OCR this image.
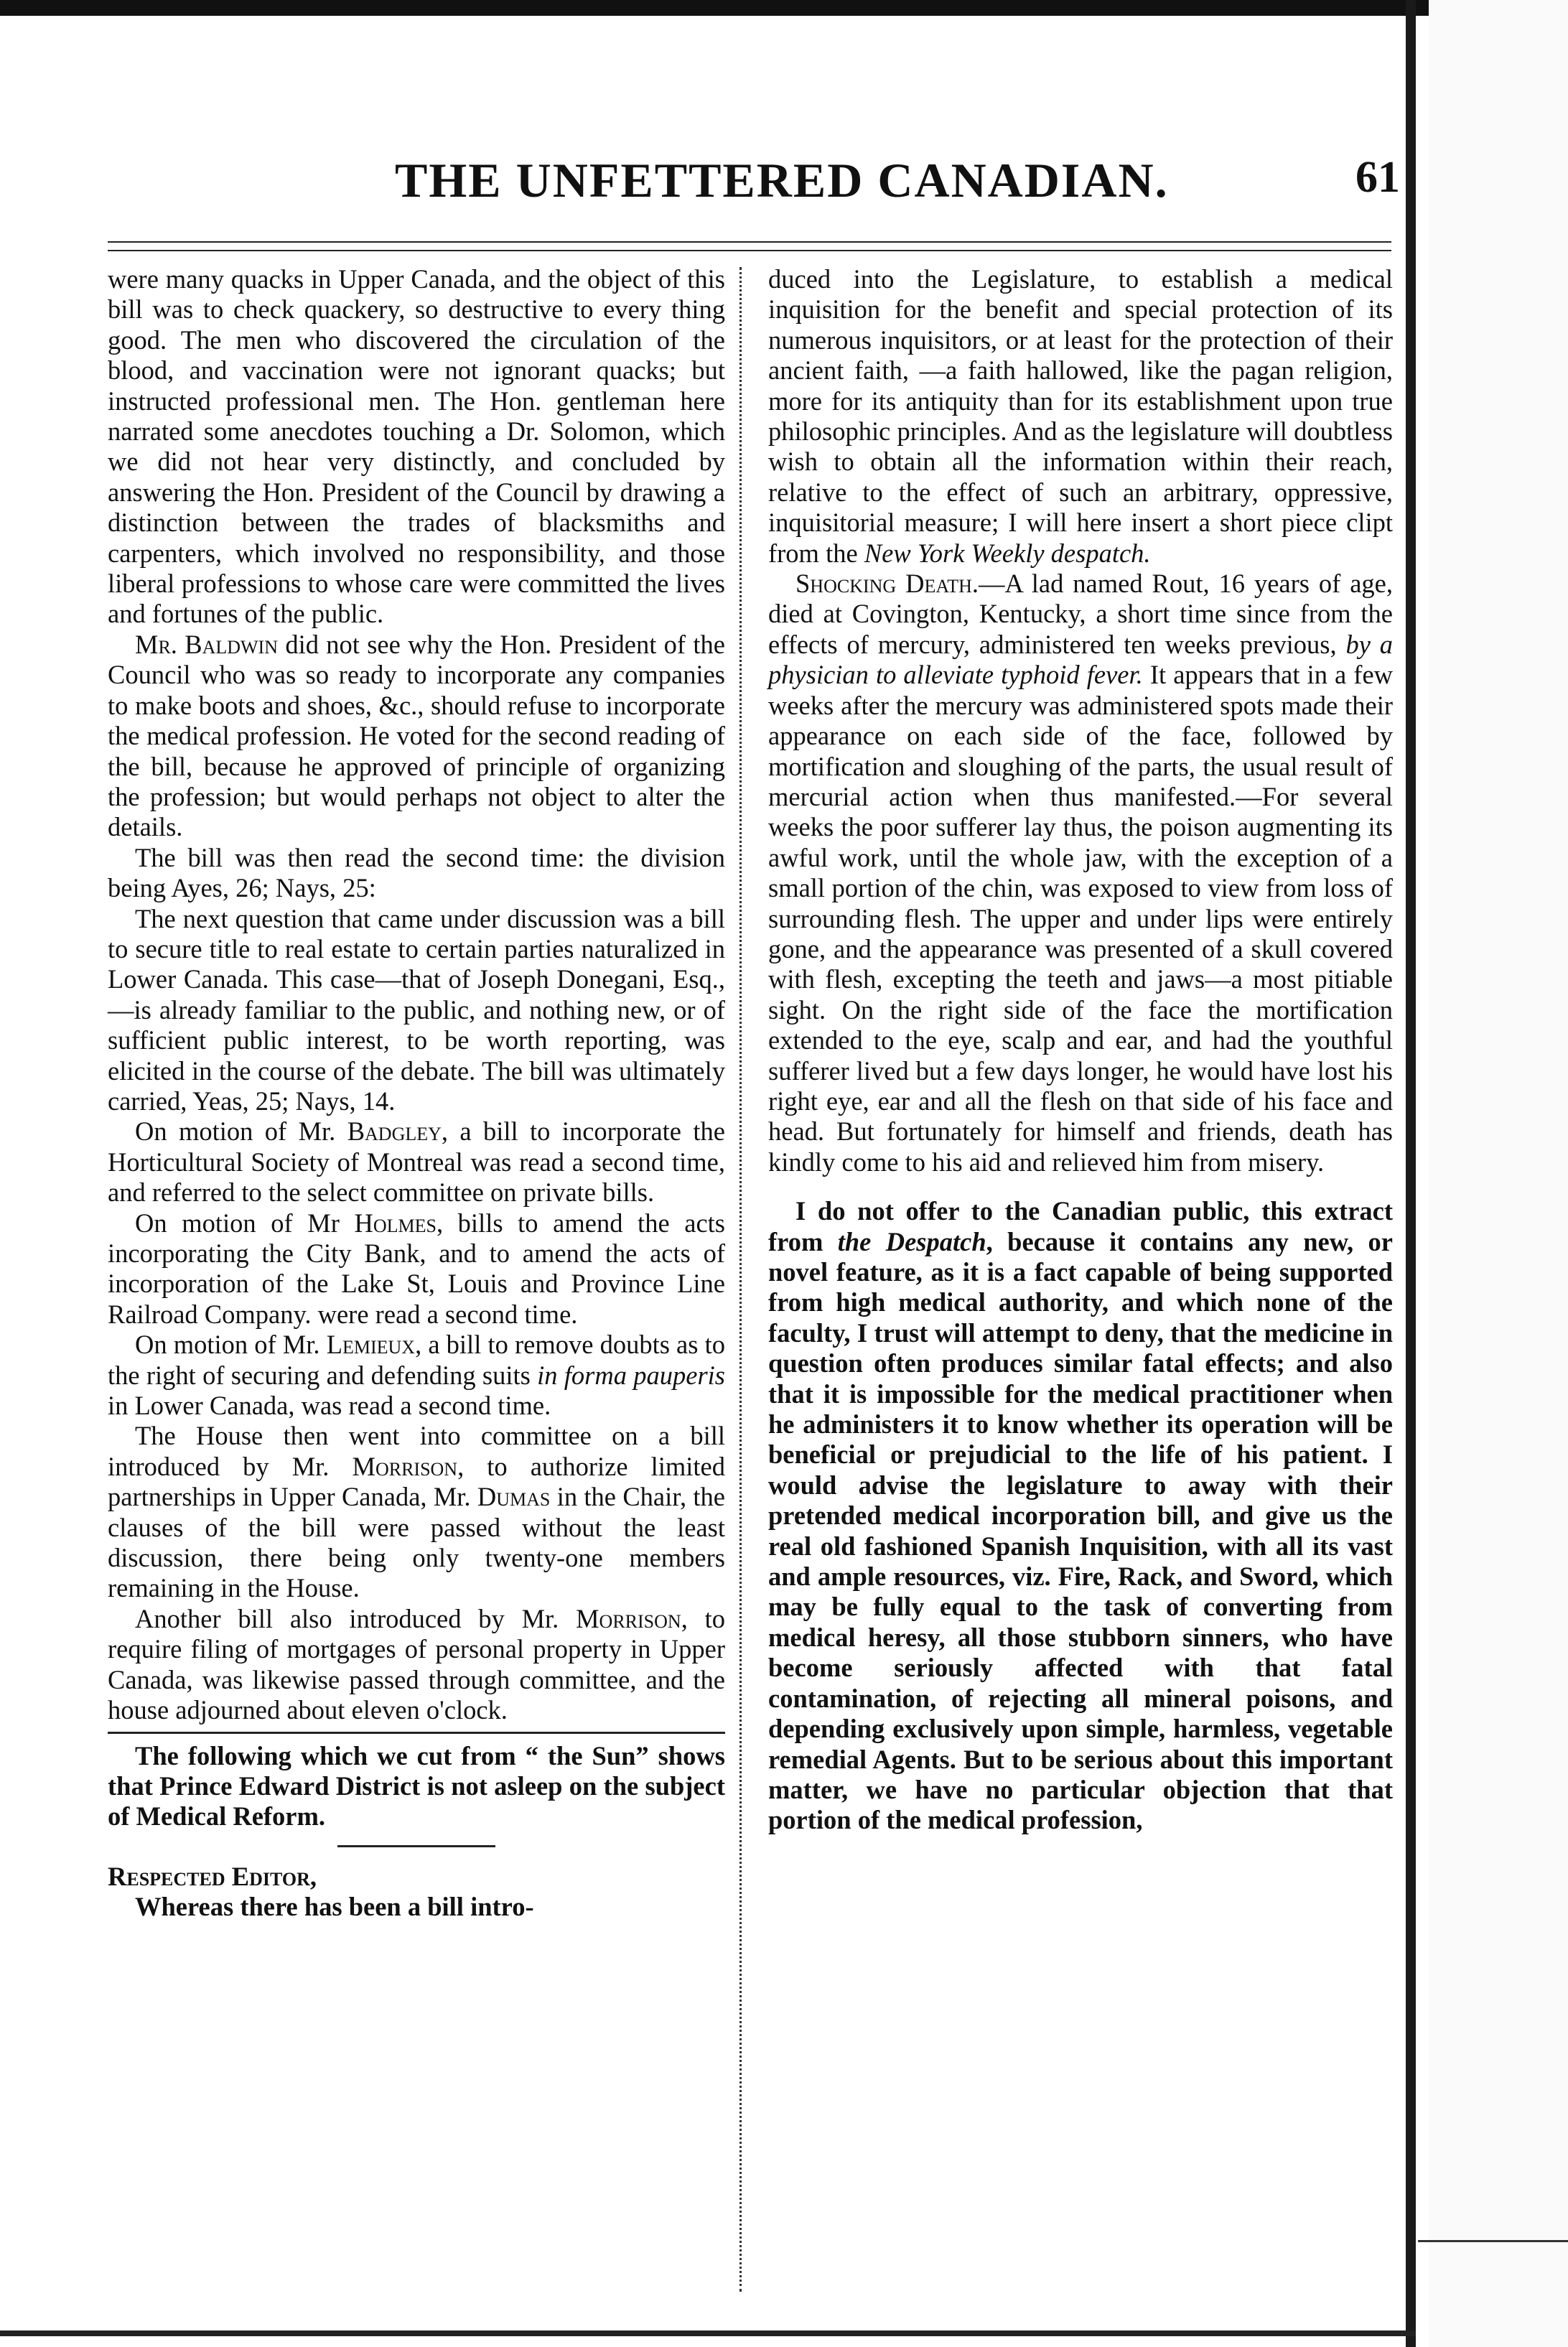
THE UNFETTERED CANADIAN.	61

were many quacks in Upper Canada, and the object of this bill was to check quackery, so destructive to every thing good. The men who discovered the circulation of the blood, and vaccination were not ignorant quacks; but instructed professional men. The Hon. gentleman here narrated some anecdotes touching a Dr. Solomon, which we did not hear very distinctly, and concluded by answering the Hon. President of the Council by drawing a distinction between the trades of blacksmiths and carpenters, which involved no responsibility, and those liberal professions to whose care were committed the lives and fortunes of the public.

Mr. Baldwin did not see why the Hon. President of the Council who was so ready to incorporate any companies to make boots and shoes, &c., should refuse to incorporate the medical profession. He voted for the second reading of the bill, because he approved of principle of organizing the profession; but would perhaps not object to alter the details.

The bill was then read the second time: the division being Ayes, 26; Nays, 25:

The next question that came under discussion was a bill to secure title to real estate to certain parties naturalized in Lower Canada. This case—that of Joseph Donegani, Esq.,—is already familiar to the public, and nothing new, or of sufficient public interest, to be worth reporting, was elicited in the course of the debate. The bill was ultimately carried, Yeas, 25; Nays, 14.

On motion of Mr. Badgley, a bill to incorporate the Horticultural Society of Montreal was read a second time, and referred to the select committee on private bills.

On motion of Mr Holmes, bills to amend the acts incorporating the City Bank, and to amend the acts of incorporation of the Lake St, Louis and Province Line Railroad Company. were read a second time.

On motion of Mr. Lemieux, a bill to remove doubts as to the right of securing and defending suits in forma pauperis in Lower Canada, was read a second time.

The House then went into committee on a bill introduced by Mr. Morrison, to authorize limited partnerships in Upper Canada, Mr. Dumas in the Chair, the clauses of the bill were passed without the least discussion, there being only twenty-one members remaining in the House.

Another bill also introduced by Mr. Morrison, to require filing of mortgages of personal property in Upper Canada, was likewise passed through committee, and the house adjourned about eleven o'clock.

The following which we cut from “ the Sun” shows that Prince Edward District is not asleep on the subject of Medical Reform.

Respected Editor,

Whereas there has been a bill intro-

duced into the Legislature, to establish a medical inquisition for the benefit and special protection of its numerous inquisitors, or at least for the protection of their ancient faith, —a faith hallowed, like the pagan religion, more for its antiquity than for its establishment upon true philosophic principles. And as the legislature will doubtless wish to obtain all the information within their reach, relative to the effect of such an arbitrary, oppressive, inquisitorial measure; I will here insert a short piece clipt from the New York Weekly despatch.

Shocking Death.—A lad named Rout, 16 years of age, died at Covington, Kentucky, a short time since from the effects of mercury, administered ten weeks previous, by a physician to alleviate typhoid fever. It appears that in a few weeks after the mercury was administered spots made their appearance on each side of the face, followed by mortification and sloughing of the parts, the usual result of mercurial action when thus manifested.—For several weeks the poor sufferer lay thus, the poison augmenting its awful work, until the whole jaw, with the exception of a small portion of the chin, was exposed to view from loss of surrounding flesh. The upper and under lips were entirely gone, and the appearance was presented of a skull covered with flesh, excepting the teeth and jaws—a most pitiable sight. On the right side of the face the mortification extended to the eye, scalp and ear, and had the youthful sufferer lived but a few days longer, he would have lost his right eye, ear and all the flesh on that side of his face and head. But fortunately for himself and friends, death has kindly come to his aid and relieved him from misery.

I do not offer to the Canadian public, this extract from the Despatch, because it contains any new, or novel feature, as it is a fact capable of being supported from high medical authority, and which none of the faculty, I trust will attempt to deny, that the medicine in question often produces similar fatal effects; and also that it is impossible for the medical practitioner when he administers it to know whether its operation will be beneficial or prejudicial to the life of his patient. I would advise the legislature to away with their pretended medical incorporation bill, and give us the real old fashioned Spanish Inquisition, with all its vast and ample resources, viz. Fire, Rack, and Sword, which may be fully equal to the task of converting from medical heresy, all those stubborn sinners, who have become seriously affected with that fatal contamination, of rejecting all mineral poisons, and depending exclusively upon simple, harmless, vegetable remedial Agents. But to be serious about this important matter, we have no particular objection that that portion of the medical profession,
